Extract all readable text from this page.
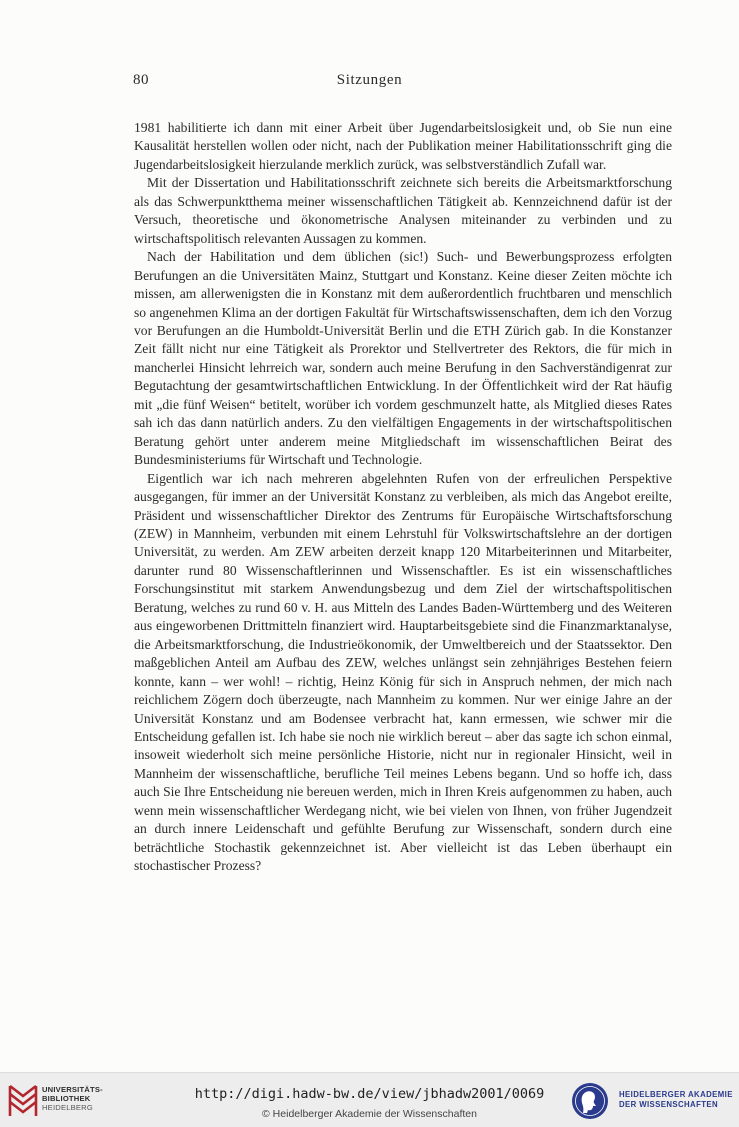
80	Sitzungen

1981 habilitierte ich dann mit einer Arbeit über Jugendarbeitslosigkeit und, ob Sie nun eine Kausalität herstellen wollen oder nicht, nach der Publikation meiner Habilitationsschrift ging die Jugendarbeitslosigkeit hierzulande merklich zurück, was selbstverständlich Zufall war.

Mit der Dissertation und Habilitationsschrift zeichnete sich bereits die Arbeitsmarktforschung als das Schwerpunktthema meiner wissenschaftlichen Tätigkeit ab. Kennzeichnend dafür ist der Versuch, theoretische und ökonometrische Analysen miteinander zu verbinden und zu wirtschaftspolitisch relevanten Aussagen zu kommen.

Nach der Habilitation und dem üblichen (sic!) Such- und Bewerbungsprozess erfolgten Berufungen an die Universitäten Mainz, Stuttgart und Konstanz. Keine dieser Zeiten möchte ich missen, am allerwenigsten die in Konstanz mit dem außerordentlich fruchtbaren und menschlich so angenehmen Klima an der dortigen Fakultät für Wirtschaftswissenschaften, dem ich den Vorzug vor Berufungen an die Humboldt-Universität Berlin und die ETH Zürich gab. In die Konstanzer Zeit fällt nicht nur eine Tätigkeit als Prorektor und Stellvertreter des Rektors, die für mich in mancherlei Hinsicht lehrreich war, sondern auch meine Berufung in den Sachverständigenrat zur Begutachtung der gesamtwirtschaftlichen Entwicklung. In der Öffentlichkeit wird der Rat häufig mit „die fünf Weisen“ betitelt, worüber ich vordem geschmunzelt hatte, als Mitglied dieses Rates sah ich das dann natürlich anders. Zu den vielfältigen Engagements in der wirtschaftspolitischen Beratung gehört unter anderem meine Mitgliedschaft im wissenschaftlichen Beirat des Bundesministeriums für Wirtschaft und Technologie.

Eigentlich war ich nach mehreren abgelehnten Rufen von der erfreulichen Perspektive ausgegangen, für immer an der Universität Konstanz zu verbleiben, als mich das Angebot ereilte, Präsident und wissenschaftlicher Direktor des Zentrums für Europäische Wirtschaftsforschung (ZEW) in Mannheim, verbunden mit einem Lehrstuhl für Volkswirtschaftslehre an der dortigen Universität, zu werden. Am ZEW arbeiten derzeit knapp 120 Mitarbeiterinnen und Mitarbeiter, darunter rund 80 Wissenschaftlerinnen und Wissenschaftler. Es ist ein wissenschaftliches Forschungsinstitut mit starkem Anwendungsbezug und dem Ziel der wirtschaftspolitischen Beratung, welches zu rund 60 v. H. aus Mitteln des Landes Baden-Württemberg und des Weiteren aus eingeworbenen Drittmitteln finanziert wird. Hauptarbeitsgebiete sind die Finanzmarktanalyse, die Arbeitsmarktforschung, die Industrieökonomik, der Umweltbereich und der Staatssektor. Den maßgeblichen Anteil am Aufbau des ZEW, welches unlängst sein zehnjähriges Bestehen feiern konnte, kann – wer wohl! – richtig, Heinz König für sich in Anspruch nehmen, der mich nach reichlichem Zögern doch überzeugte, nach Mannheim zu kommen. Nur wer einige Jahre an der Universität Konstanz und am Bodensee verbracht hat, kann ermessen, wie schwer mir die Entscheidung gefallen ist. Ich habe sie noch nie wirklich bereut – aber das sagte ich schon einmal, insoweit wiederholt sich meine persönliche Historie, nicht nur in regionaler Hinsicht, weil in Mannheim der wissenschaftliche, berufliche Teil meines Lebens begann. Und so hoffe ich, dass auch Sie Ihre Entscheidung nie bereuen werden, mich in Ihren Kreis aufgenommen zu haben, auch wenn mein wissenschaftlicher Werdegang nicht, wie bei vielen von Ihnen, von früher Jugendzeit an durch innere Leidenschaft und gefühlte Berufung zur Wissenschaft, sondern durch eine beträchtliche Stochastik gekennzeichnet ist. Aber vielleicht ist das Leben überhaupt ein stochastischer Prozess?

UNIVERSITÄTS-
BIBLIOTHEK
HEIDELBERG
http://digi.hadw-bw.de/view/jbhadw2001/0069
© Heidelberger Akademie der Wissenschaften
HEIDELBERGER AKADEMIE
DER WISSENSCHAFTEN
